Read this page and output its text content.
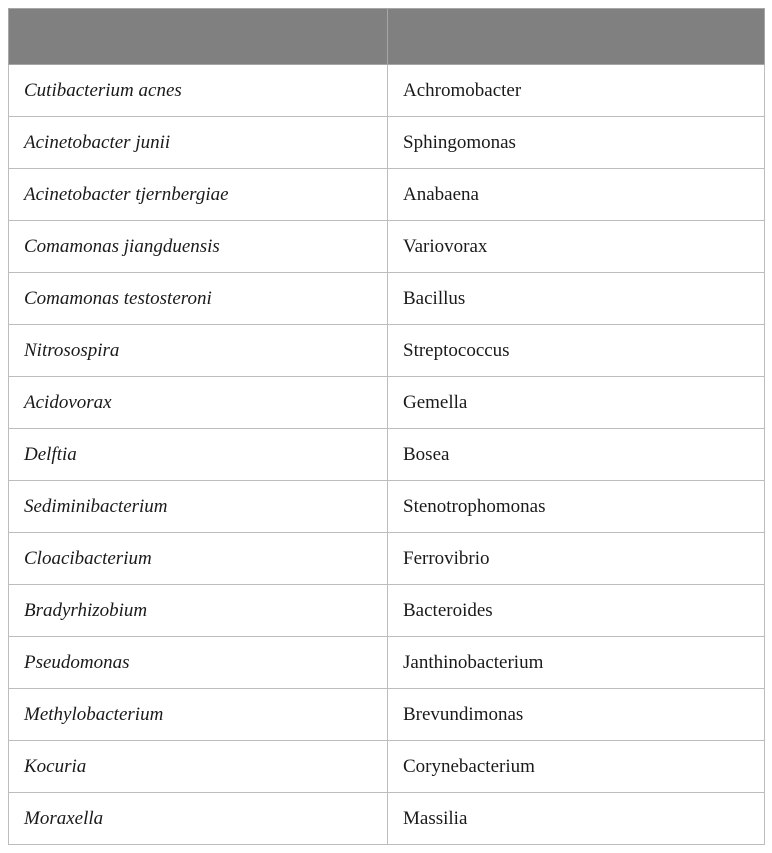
Cutibacterium acnes	Achromobacter
Acinetobacter junii	Sphingomonas
Acinetobacter tjernbergiae	Anabaena
Comamonas jiangduensis	Variovorax
Comamonas testosteroni	Bacillus
Nitrosospira	Streptococcus
Acidovorax	Gemella
Delftia	Bosea
Sediminibacterium	Stenotrophomonas
Cloacibacterium	Ferrovibrio
Bradyrhizobium	Bacteroides
Pseudomonas	Janthinobacterium
Methylobacterium	Brevundimonas
Kocuria	Corynebacterium
Moraxella	Massilia
